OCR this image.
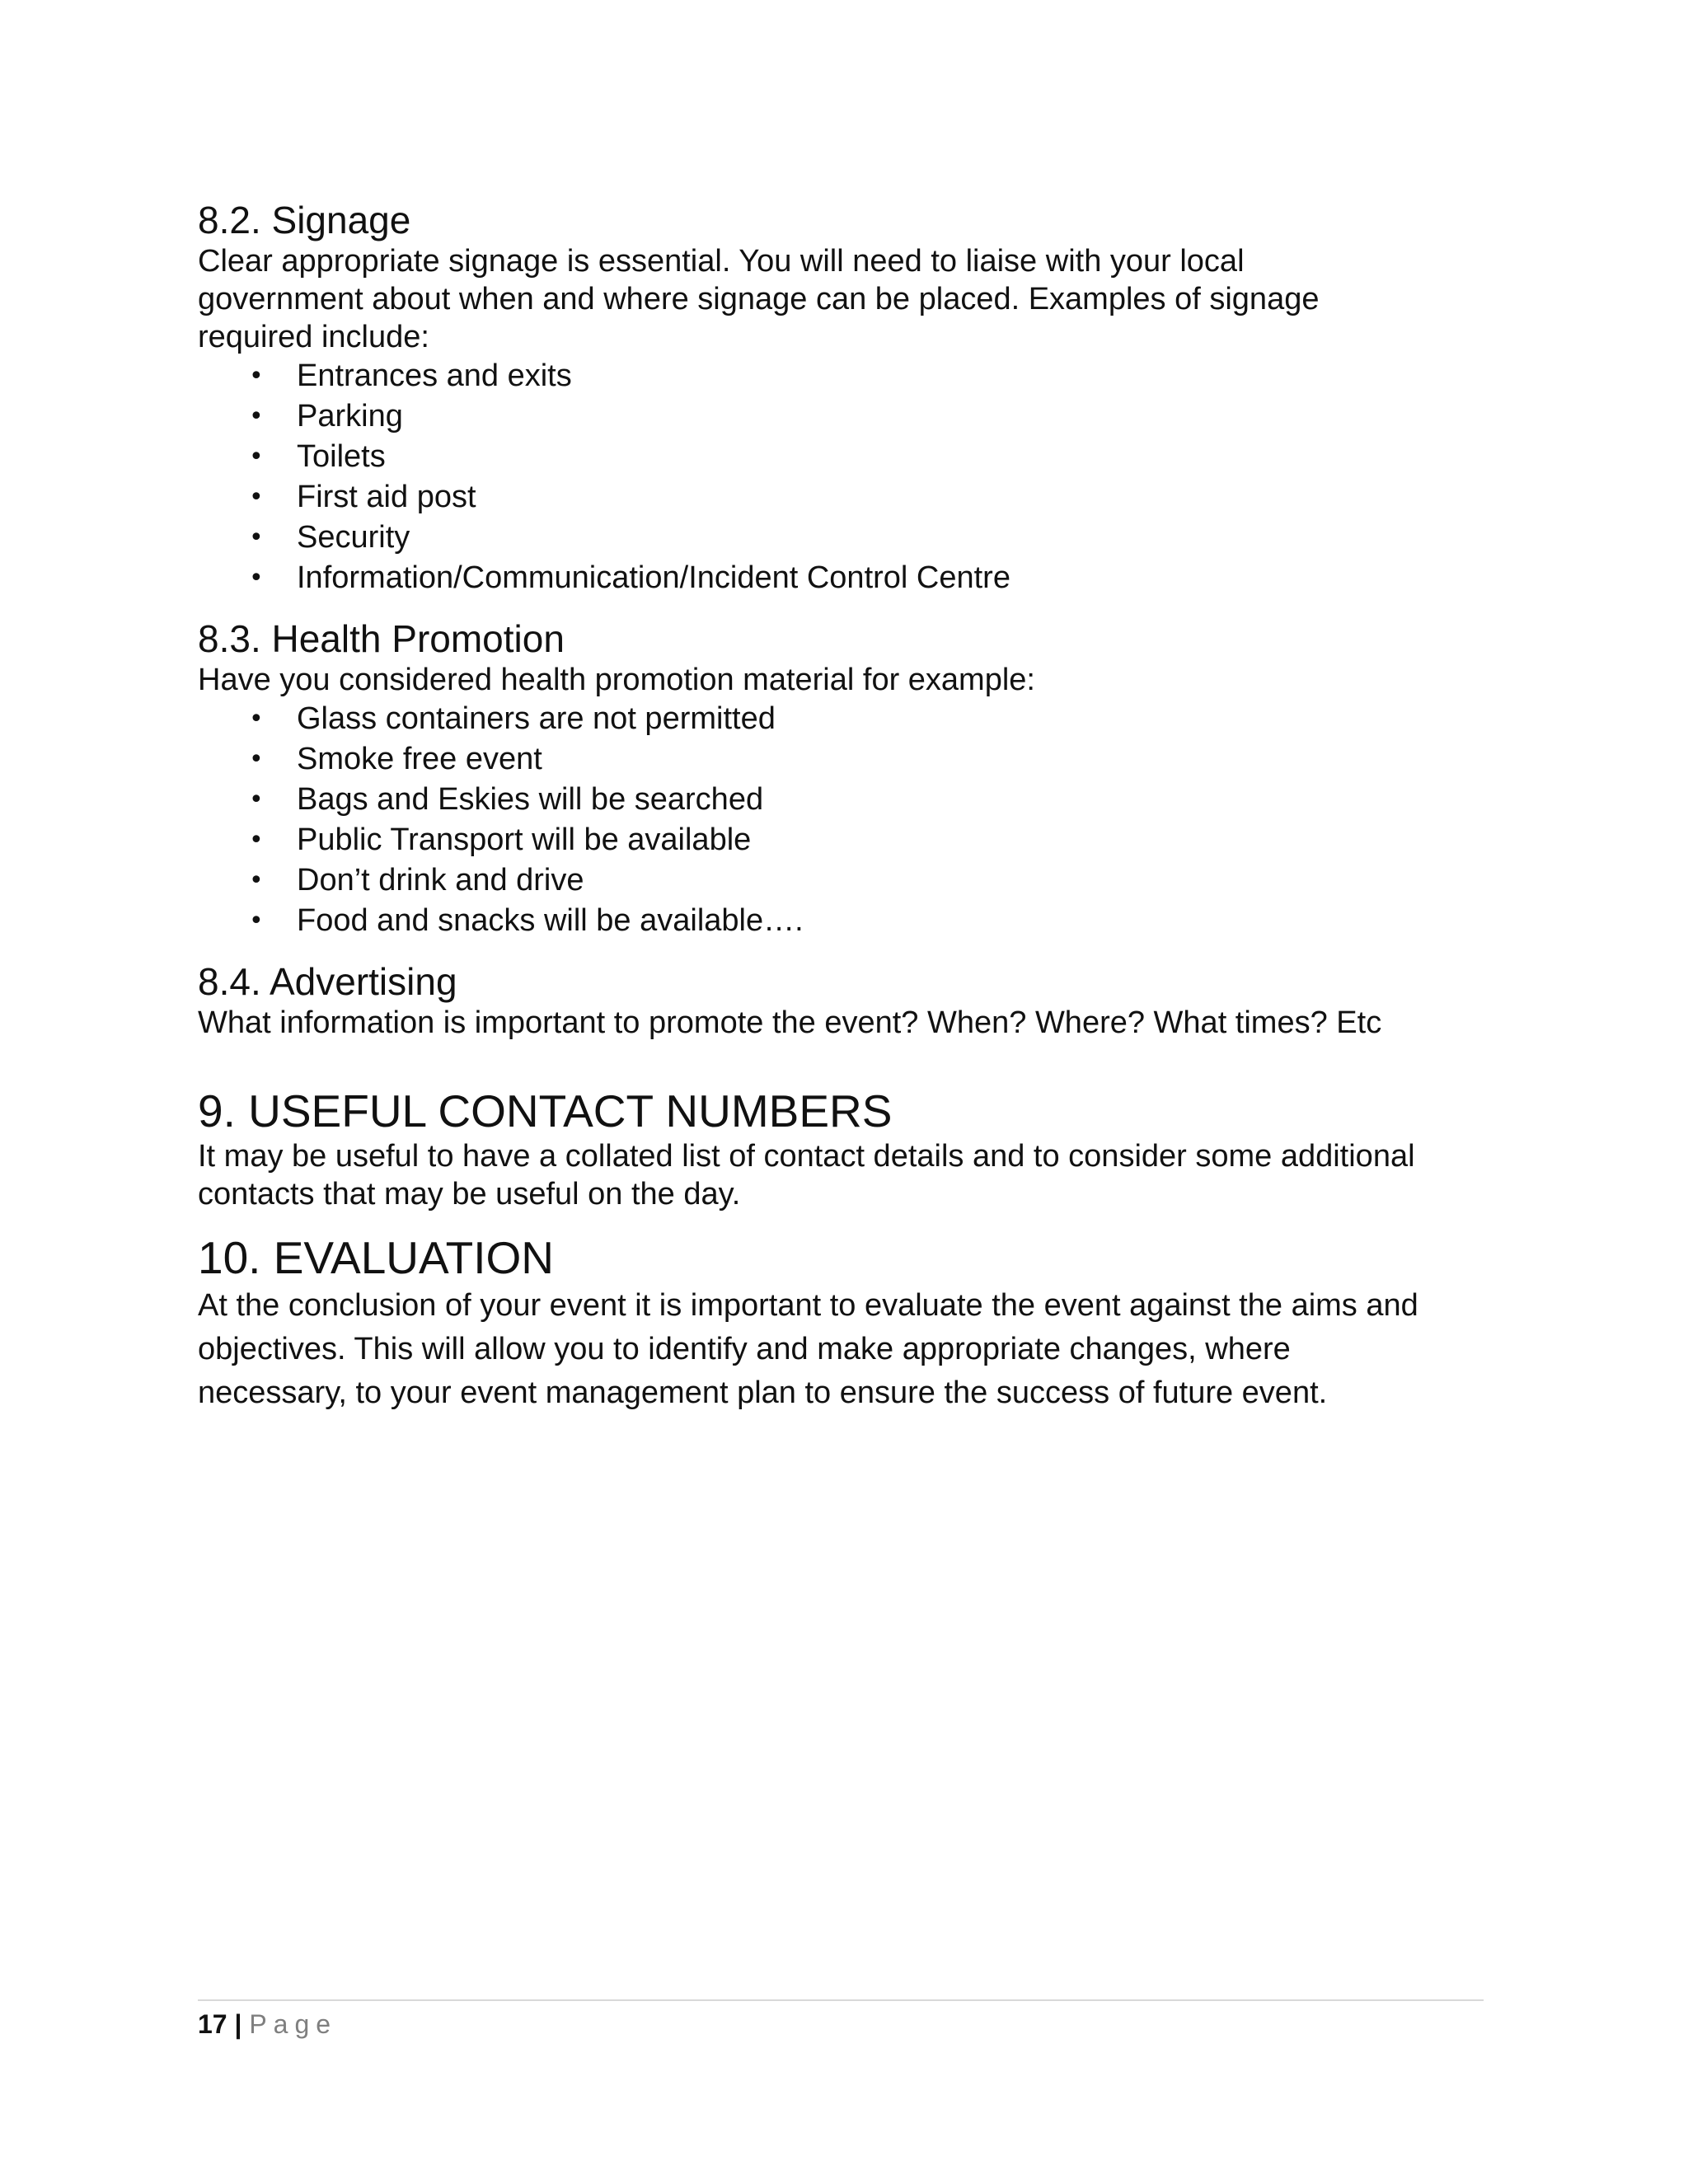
8.2. Signage

Clear appropriate signage is essential. You will need to liaise with your local

government about when and where signage can be placed. Examples of signage

required include:

• Entrances and exits
• Parking
• Toilets
• First aid post
• Security
• Information/Communication/Incident Control Centre
8.3. Health Promotion

Have you considered health promotion material for example:

• Glass containers are not permitted
• Smoke free event
• Bags and Eskies will be searched
• Public Transport will be available
• Don’t drink and drive
• Food and snacks will be available….
8.4. Advertising

What information is important to promote the event? When? Where? What times? Etc

9. USEFUL CONTACT NUMBERS

It may be useful to have a collated list of contact details and to consider some additional

contacts that may be useful on the day.

10. EVALUATION

At the conclusion of your event it is important to evaluate the event against the aims and

objectives. This will allow you to identify and make appropriate changes, where

necessary, to your event management plan to ensure the success of future event.

17 | Page
